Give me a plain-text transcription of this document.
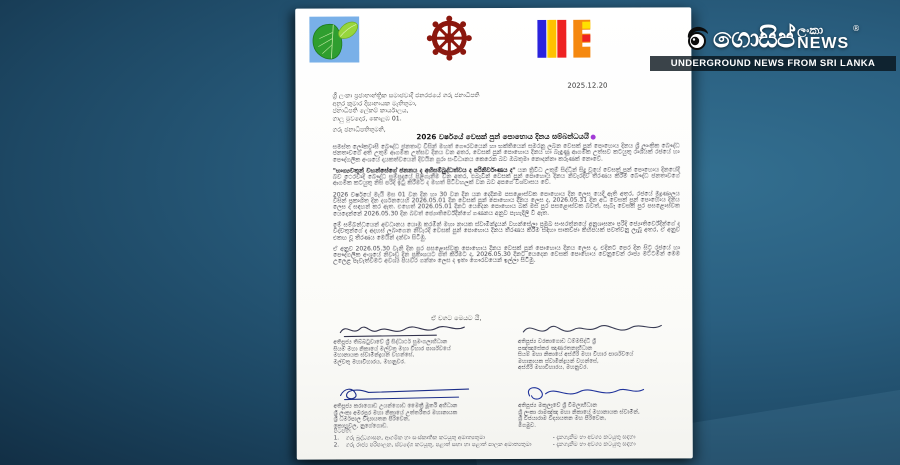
2025.12.20
ශ්‍රී ලංකා ප්‍රජාතාන්ත්‍රික සමාජවාදී ජනරජයේ ගරු ජනාධිපති
අනුර කුමාර දිසානායක මැතිතුමා,
ජනාධිපති ලේකම් කාර්යාලය,
ගාලු මුවදොර, කොළඹ 01.
ගරු ජනාධිපතිතුමනි,
2026 වර්ෂයේ වෙසක් පුන් පොහොය දිනය සම්බන්ධයයි

සමස්ත ලෝකවාසී බෞද්ධ ජනතාව විසින් මහත් ගෞරවයෙන් හා භක්තියෙන් සමරනු ලබන වෙසක් පුන් පොහොය දිනය ශ්‍රී ලාංකික බෞද්ධ ජනතාවගේ අති උතුම් ආගමික උත්සව දිනය වන අතර, වෙසක් පුන් පොහොය දිනය හා බැඳුණු ආගමික උත්සව කටයුතු රාශියක් රජයේ හා පෞද්ගලික අංශයේ දායකත්වයෙන් දිවයින පුරා සංවිධානය කෙරෙන බව ඔබතුමා නොදන්නා කරුණක් නොවේ.

"භාග්‍යවතුන් වහන්සේගේ ජනනය ද අභිසම්බුද්ධත්වය ද පරිනිර්වාණය ද" යන ත්‍රිවිධ උතුම් සිද්ධීන් සිදු වූයේ වෙසක් පුන් පොහොය දිනයේදී බව ථෙරවාදී බෞද්ධ සම්ප්‍රදායේ පිළිගැනීම වන අතර, එබැවින් වෙසක් පුන් පොහොය දිනය නිවැරදිව තීරණය කිරීම බෞද්ධ ජනතාවගේ ආගමික කටයුතු නිසි පරිදි ඉටු කිරීමට ද මහත් පිටිවහලක් වන බව අපගේ විශ්වාසය වේ.

2026 වර්ෂයේ මැයි මස 01 වන දින හා 30 වන දින යන දෙදිනම පසළොස්වක පොහොය දින ලෙස යෙදී ඇති අතර, රජයේ මුද්‍රණාලය විසින් ප්‍රකාශිත දින දර්ශනයෙහි 2026.05.01 දින වෙසක් පුන් පොහොය දිනය ලෙස ද, 2026.05.31 දින අධි වෙසක් පුන් පොහොය දිනය ලෙස ද සඳහන් කර ඇත. එහෙත් 2026.05.01 දිනට යෙදෙන පොහොය බක් මස පුර පසළොස්වක බවත්, සැබෑ වෙසක් පුර පසළොස්වක යෙදෙන්නේ 2026.05.30 දින බවත් ජ්‍යොතිර්වේදීන්ගේ ගණනය අනුව පැහැදිලි වී ඇත.

මේ සම්බන්ධයෙන් අවධානය යොමු කරමින් මහා නායක ස්වාමීන්ද්‍රයන් වහන්සේලා ප්‍රමුඛ සංඝරත්නයේ අනුශාසනා පරිදි ජ්‍යොතිර්වේදීන්ගේ ද විද්වතුන්ගේ ද අදහස් ලබාගෙන නිවැරදි වෙසක් පුන් පොහොය දිනය තීරණය කිරීම සඳහා සාකච්ඡා කිහිපයක් පවත්වනු ලැබූ අතර, ඒ අනුව එකඟ වූ තීරණය මෙයින් දන්වා සිටිමු.

ඒ අනුව 2026.05.30 වැනි දින පුර පසළොස්වක පොහොය දිනය වෙසක් පුන් පොහොය දිනය ලෙස ද, එදිනට පෙර දින සිට රජයේ හා පෞද්ගලික අංශයේ නිවාඩු දින ප්‍රකාශයට පත් කිරීමට ද, 2026.05.30 දිනට යෙදෙන වෙසක් පොහොය වෙනුවෙන් රාජ්‍ය මට්ටමින් මෙම උලෙළ පැවැත්වීමට අවශ්‍ය පියවර ගන්නා ලෙස ද ඉතා ගෞරවයෙන් ඉල්ලා සිටිමු.

ඒ වගට මෙයට යි,
අතිපූජ්‍ය තිබ්බටුවාවේ ශ්‍රී සිද්ධාර්ථ සුමංගලාභිධාන
සියම් මහා නිකායේ මල්වතු මහා විහාර පාර්ශ්වයේ
මහානායක ස්වාමීන්ද්‍රයන් වහන්සේ,
මල්වතු මහාවිහාරය, මහනුවර.
අතිපූජ්‍ය වරකාගොඩ ධම්මසිද්ධි ශ්‍රී
පඤ්ඤාසේකර ඤාණරතනාභිධාන
සියම් මහා නිකායේ අස්ගිරි මහා විහාර පාර්ශ්වයේ
මහානායක ස්වාමීන්ද්‍රයන් වහන්සේ,
අස්ගිරි මහාවිහාරය, මහනුවර.
අතිපූජ්‍ය කරාගොඩ උයන්ගොඩ මෛත්‍රී මූර්ති අභිධාන
ශ්‍රී ලංකා අමරපුර මහා නිකායේ උත්තරීතර මහානායක
ශ්‍රී ධර්මපාල විද්‍යායතන පිරිවෙන,
කොහුවල, නුගේගොඩ.
අතිපූජ්‍ය මකුලෑවේ ශ්‍රී විමලාභිධාන
ශ්‍රී ලංකා රාමඤ්ඤ මහා නිකායේ මහානායක ස්වාමීන්,
ශ්‍රී විජයාරාම විද්‍යායතන මහ පිරිවෙන,
මීගමුව.
පිටපත්:
1.	ගරු බුද්ධශාසන, ආගමික හා සංස්කෘතික කටයුතු අමාත්‍යතුමා	- දැනගැනීම හා අවශ්‍ය කටයුතු සඳහා
2.	ගරු රාජ්‍ය පරිපාලන, ස්වදේශ කටයුතු, පළාත් සභා හා පළාත් පාලන අමාත්‍යතුමා	- දැනගැනීම හා අවශ්‍ය කටයුතු සඳහා
ගොසිප් ලංකා
NEWS
®
UNDERGROUND NEWS FROM SRI LANKA
